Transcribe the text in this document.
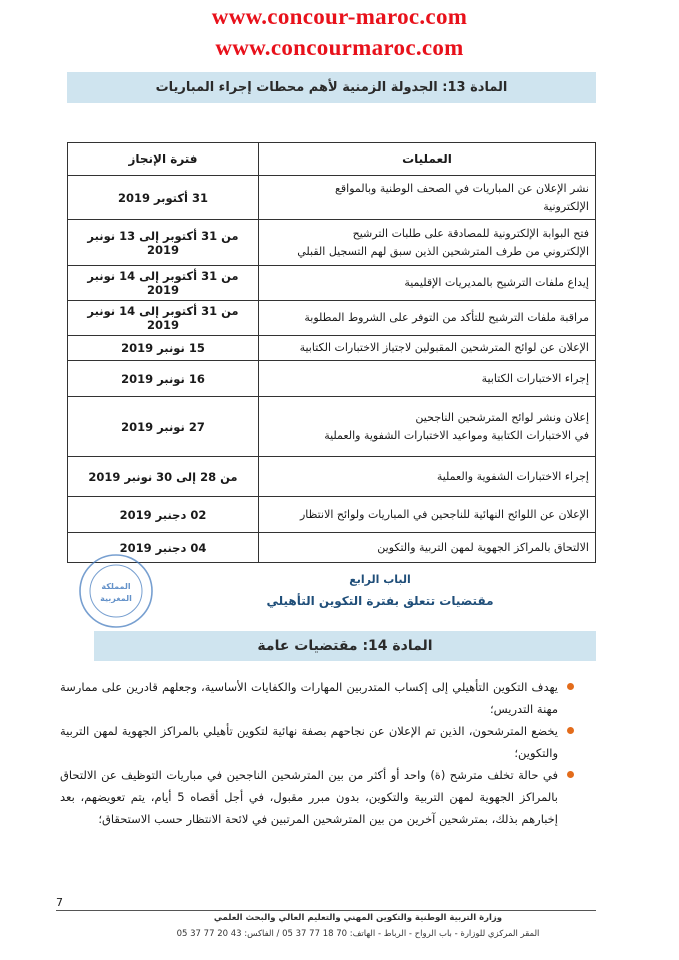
www.concour-maroc.com
www.concourmaroc.com
المادة 13: الجدولة الزمنية لأهم محطات إجراء المباريات
العمليات	فترة الإنجاز

نشر الإعلان عن المباريات في الصحف الوطنية وبالمواقع
الإلكترونية	31 أكتوبر 2019

فتح البوابة الإلكترونية للمصادقة على طلبات الترشيح
الإلكتروني من طرف المترشحين الذين سبق لهم التسجيل القبلي	من 31 أكتوبر إلى 13 نونبر 2019

إيداع ملفات الترشيح بالمديريات الإقليمية	من 31 أكتوبر إلى 14 نونبر 2019

مراقبة ملفات الترشيح للتأكد من التوفر على الشروط المطلوبة	من 31 أكتوبر إلى 14 نونبر 2019

الإعلان عن لوائح المترشحين المقبولين لاجتياز الاختبارات الكتابية	15 نونبر 2019

إجراء الاختبارات الكتابية	16 نونبر 2019

إعلان ونشر لوائح المترشحين الناجحين
في الاختبارات الكتابية ومواعيد الاختبارات الشفوية والعملية	27 نونبر 2019

إجراء الاختبارات الشفوية والعملية	من 28 إلى 30 نونبر 2019

الإعلان عن اللوائح النهائية للناجحين في المباريات ولوائح الانتظار	02 دجنبر 2019

الالتحاق بالمراكز الجهوية لمهن التربية والتكوين	04 دجنبر 2019
المملكة
المغربية
الباب الرابع
مقتضيات تتعلق بفترة التكوين التأهيلي
المادة 14: مقتضيات عامة
يهدف التكوين التأهيلي إلى إكساب المتدربين المهارات والكفايات الأساسية، وجعلهم قادرين على ممارسة مهنة التدريس؛
يخضع المترشحون، الذين تم الإعلان عن نجاحهم بصفة نهائية لتكوين تأهيلي بالمراكز الجهوية لمهن التربية والتكوين؛
في حالة تخلف مترشح (ة) واحد أو أكثر من بين المترشحين الناجحين في مباريات التوظيف عن الالتحاق بالمراكز الجهوية لمهن التربية والتكوين، بدون مبرر مقبول، في أجل أقصاه 5 أيام، يتم تعويضهم، بعد إخبارهم بذلك، بمترشحين آخرين من بين المترشحين المرتبين في لائحة الانتظار حسب الاستحقاق؛
7
وزارة التربية الوطنية والتكوين المهني والتعليم العالي والبحث العلمي
المقر المركزي للوزارة - باب الرواح - الرباط - الهاتف: 70 18 77 37 05 / الفاكس: 43 20 77 37 05
